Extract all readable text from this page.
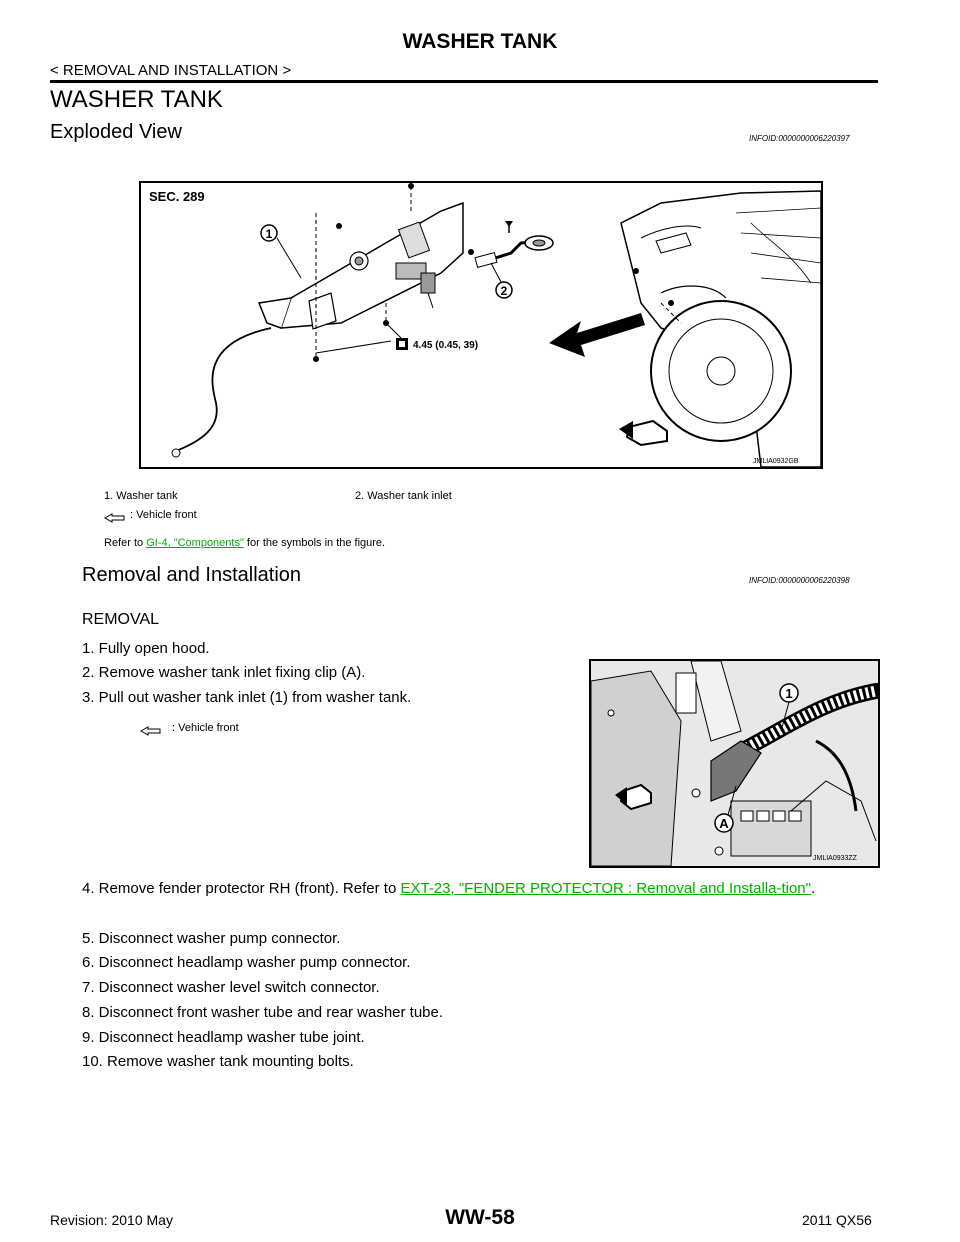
WASHER TANK
< REMOVAL AND INSTALLATION >
WASHER TANK
Exploded View	INFOID:0000000006220397
1
2
4.45 (0.45, 39)
SEC. 289
JMLIA0932GB
1. Washer tank	2. Washer tank inlet
: Vehicle front
Refer to GI-4, "Components" for the symbols in the figure.
Removal and Installation	INFOID:0000000006220398
REMOVAL
1. Fully open hood.
2. Remove washer tank inlet fixing clip (A).
3. Pull out washer tank inlet (1) from washer tank.
: Vehicle front
1
A
JMLIA0933ZZ
4. Remove fender protector RH (front). Refer to EXT-23, "FENDER PROTECTOR : Removal and Installa-tion".
5. Disconnect washer pump connector.
6. Disconnect headlamp washer pump connector.
7. Disconnect washer level switch connector.
8. Disconnect front washer tube and rear washer tube.
9. Disconnect headlamp washer tube joint.
10. Remove washer tank mounting bolts.
Revision: 2010 May	WW-58	2011 QX56
